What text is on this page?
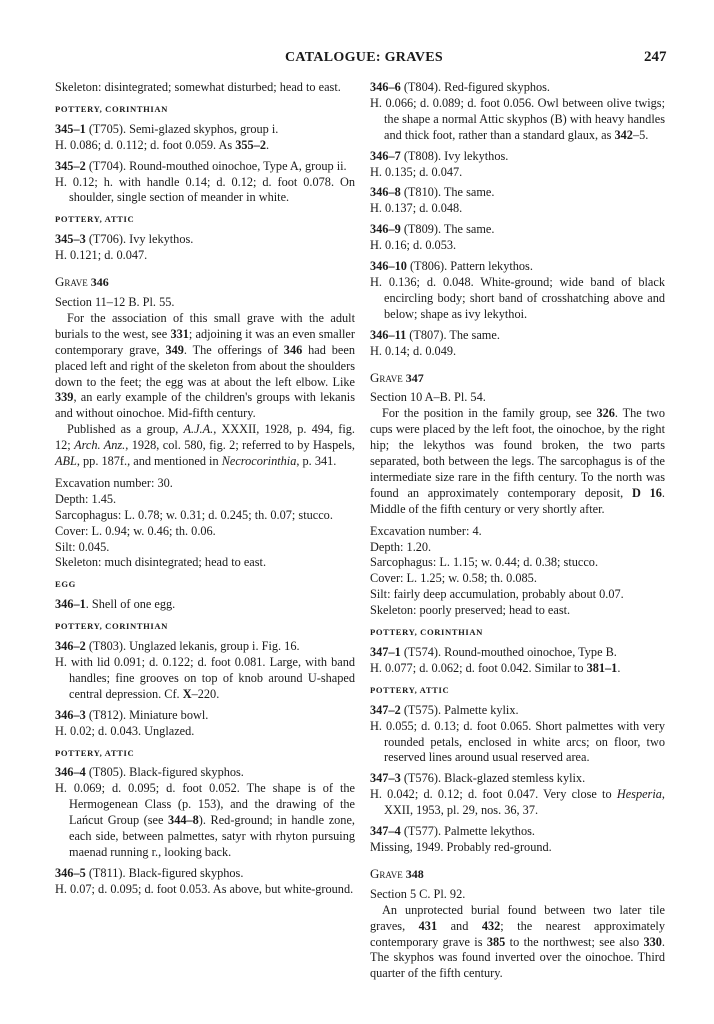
CATALOGUE: GRAVES	247

Skeleton: disintegrated; somewhat disturbed; head to east.

POTTERY, CORINTHIAN

345–1 (T705). Semi-glazed skyphos, group i.

H. 0.086; d. 0.112; d. foot 0.059. As 355–2.

345–2 (T704). Round-mouthed oinochoe, Type A, group ii.

H. 0.12; h. with handle 0.14; d. 0.12; d. foot 0.078. On shoulder, single section of meander in white.

POTTERY, ATTIC

345–3 (T706). Ivy lekythos.

H. 0.121; d. 0.047.

Grave 346

Section 11–12 B. Pl. 55.

For the association of this small grave with the adult burials to the west, see 331; adjoining it was an even smaller contemporary grave, 349. The offerings of 346 had been placed left and right of the skeleton from about the shoulders down to the feet; the egg was at about the left elbow. Like 339, an early example of the children's groups with lekanis and without oinochoe. Mid-fifth century.

Published as a group, A.J.A., XXXII, 1928, p. 494, fig. 12; Arch. Anz., 1928, col. 580, fig. 2; referred to by Haspels, ABL, pp. 187f., and mentioned in Necrocorinthia, p. 341.

Excavation number: 30.

Depth: 1.45.

Sarcophagus: L. 0.78; w. 0.31; d. 0.245; th. 0.07; stucco.

Cover: L. 0.94; w. 0.46; th. 0.06.

Silt: 0.045.

Skeleton: much disintegrated; head to east.

EGG

346–1. Shell of one egg.

POTTERY, CORINTHIAN

346–2 (T803). Unglazed lekanis, group i. Fig. 16.

H. with lid 0.091; d. 0.122; d. foot 0.081. Large, with band handles; fine grooves on top of knob around U-shaped central depression. Cf. X–220.

346–3 (T812). Miniature bowl.

H. 0.02; d. 0.043. Unglazed.

POTTERY, ATTIC

346–4 (T805). Black-figured skyphos.

H. 0.069; d. 0.095; d. foot 0.052. The shape is of the Hermogenean Class (p. 153), and the drawing of the Lańcut Group (see 344–8). Red-ground; in handle zone, each side, between palmettes, satyr with rhyton pursuing maenad running r., looking back.

346–5 (T811). Black-figured skyphos.

H. 0.07; d. 0.095; d. foot 0.053. As above, but white-ground.

346–6 (T804). Red-figured skyphos.

H. 0.066; d. 0.089; d. foot 0.056. Owl between olive twigs; the shape a normal Attic skyphos (B) with heavy handles and thick foot, rather than a standard glaux, as 342–5.

346–7 (T808). Ivy lekythos.

H. 0.135; d. 0.047.

346–8 (T810). The same.

H. 0.137; d. 0.048.

346–9 (T809). The same.

H. 0.16; d. 0.053.

346–10 (T806). Pattern lekythos.

H. 0.136; d. 0.048. White-ground; wide band of black encircling body; short band of crosshatching above and below; shape as ivy lekythoi.

346–11 (T807). The same.

H. 0.14; d. 0.049.

Grave 347

Section 10 A–B. Pl. 54.

For the position in the family group, see 326. The two cups were placed by the left foot, the oinochoe, by the right hip; the lekythos was found broken, the two parts separated, both between the legs. The sarcophagus is of the intermediate size rare in the fifth century. To the north was found an approximately contemporary deposit, D 16. Middle of the fifth century or very shortly after.

Excavation number: 4.

Depth: 1.20.

Sarcophagus: L. 1.15; w. 0.44; d. 0.38; stucco.

Cover: L. 1.25; w. 0.58; th. 0.085.

Silt: fairly deep accumulation, probably about 0.07.

Skeleton: poorly preserved; head to east.

POTTERY, CORINTHIAN

347–1 (T574). Round-mouthed oinochoe, Type B.

H. 0.077; d. 0.062; d. foot 0.042. Similar to 381–1.

POTTERY, ATTIC

347–2 (T575). Palmette kylix.

H. 0.055; d. 0.13; d. foot 0.065. Short palmettes with very rounded petals, enclosed in white arcs; on floor, two reserved lines around usual reserved area.

347–3 (T576). Black-glazed stemless kylix.

H. 0.042; d. 0.12; d. foot 0.047. Very close to Hesperia, XXII, 1953, pl. 29, nos. 36, 37.

347–4 (T577). Palmette lekythos.

Missing, 1949. Probably red-ground.

Grave 348

Section 5 C. Pl. 92.

An unprotected burial found between two later tile graves, 431 and 432; the nearest approximately contemporary grave is 385 to the northwest; see also 330. The skyphos was found inverted over the oinochoe. Third quarter of the fifth century.
